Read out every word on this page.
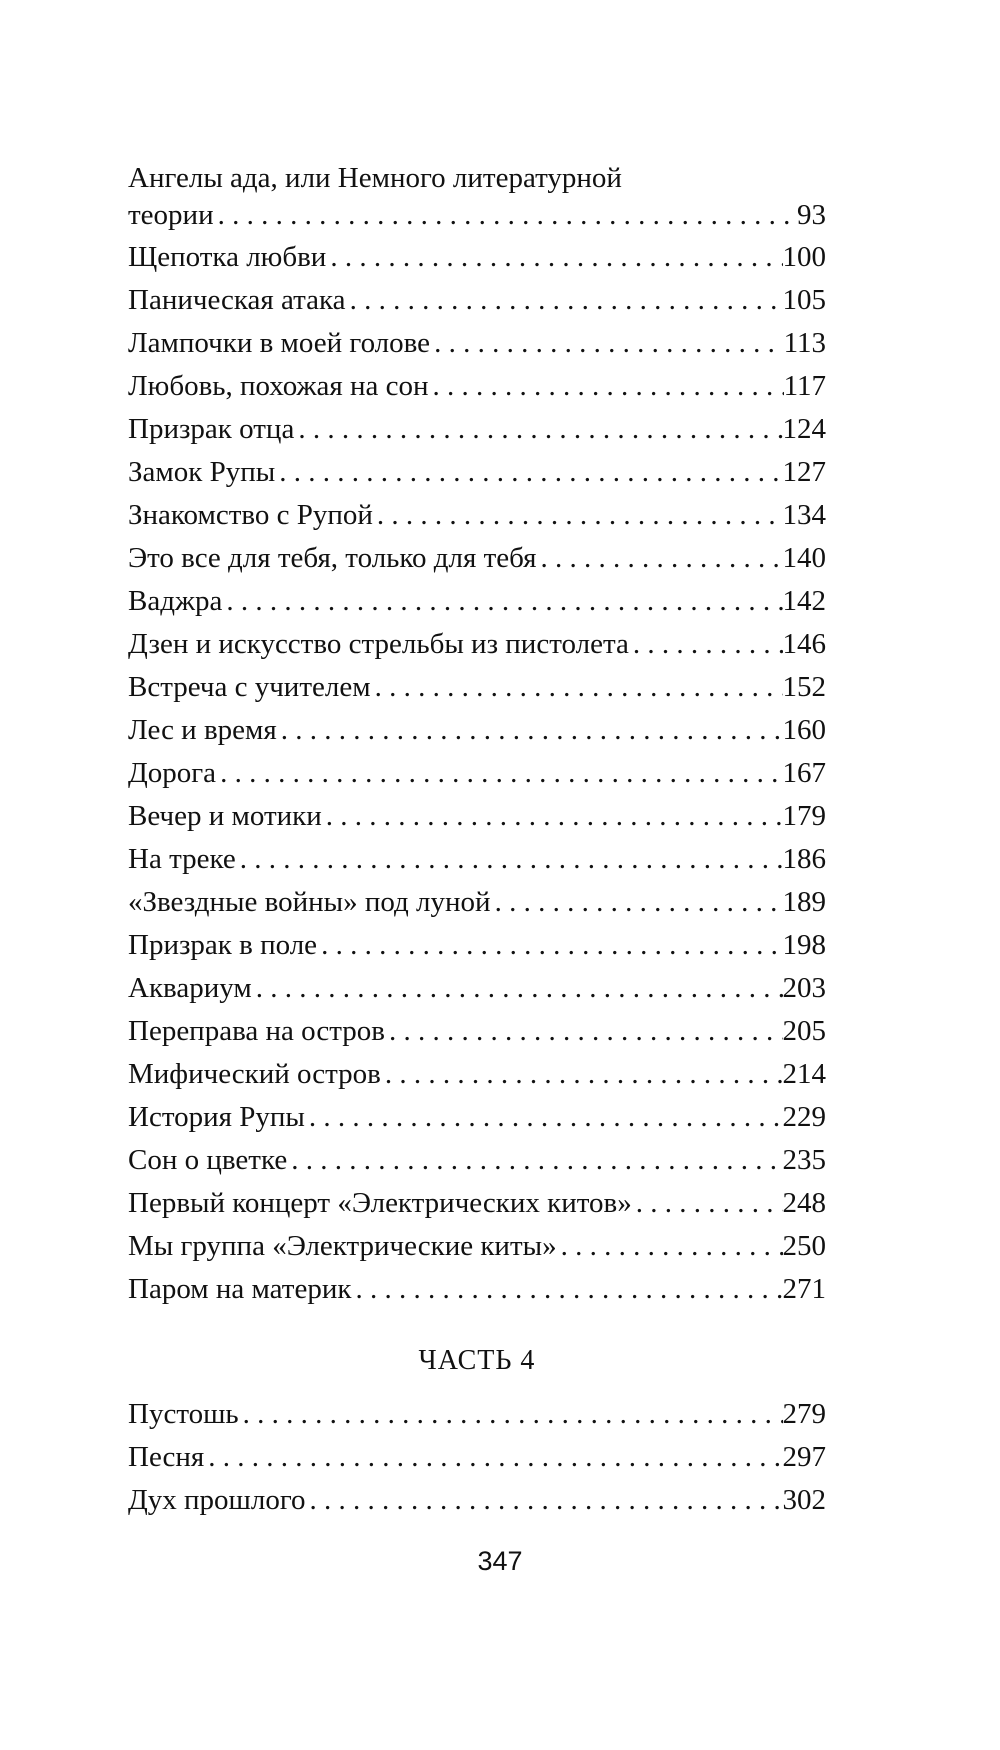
Ангелы ада, или Немного литературной
теории . . .	93
Щепотка любви . . .	100
Паническая атака . . .	105
Лампочки в моей голове . . .	113
Любовь, похожая на сон . . .	117
Призрак отца . . .	124
Замок Рупы . . .	127
Знакомство с Рупой . . .	134
Это все для тебя, только для тебя . . .	140
Ваджра . . .	142
Дзен и искусство стрельбы из пистолета . . .	146
Встреча с учителем . . .	152
Лес и время . . .	160
Дорога . . .	167
Вечер и мотики . . .	179
На треке . . .	186
«Звездные войны» под луной . . .	189
Призрак в поле . . .	198
Аквариум . . .	203
Переправа на остров . . .	205
Мифический остров . . .	214
История Рупы . . .	229
Сон о цветке . . .	235
Первый концерт «Электрических китов» . . .	248
Мы группа «Электрические киты» . . .	250
Паром на материк . . .	271
ЧАСТЬ 4
Пустошь . . .	279
Песня . . .	297
Дух прошлого . . .	302
347
